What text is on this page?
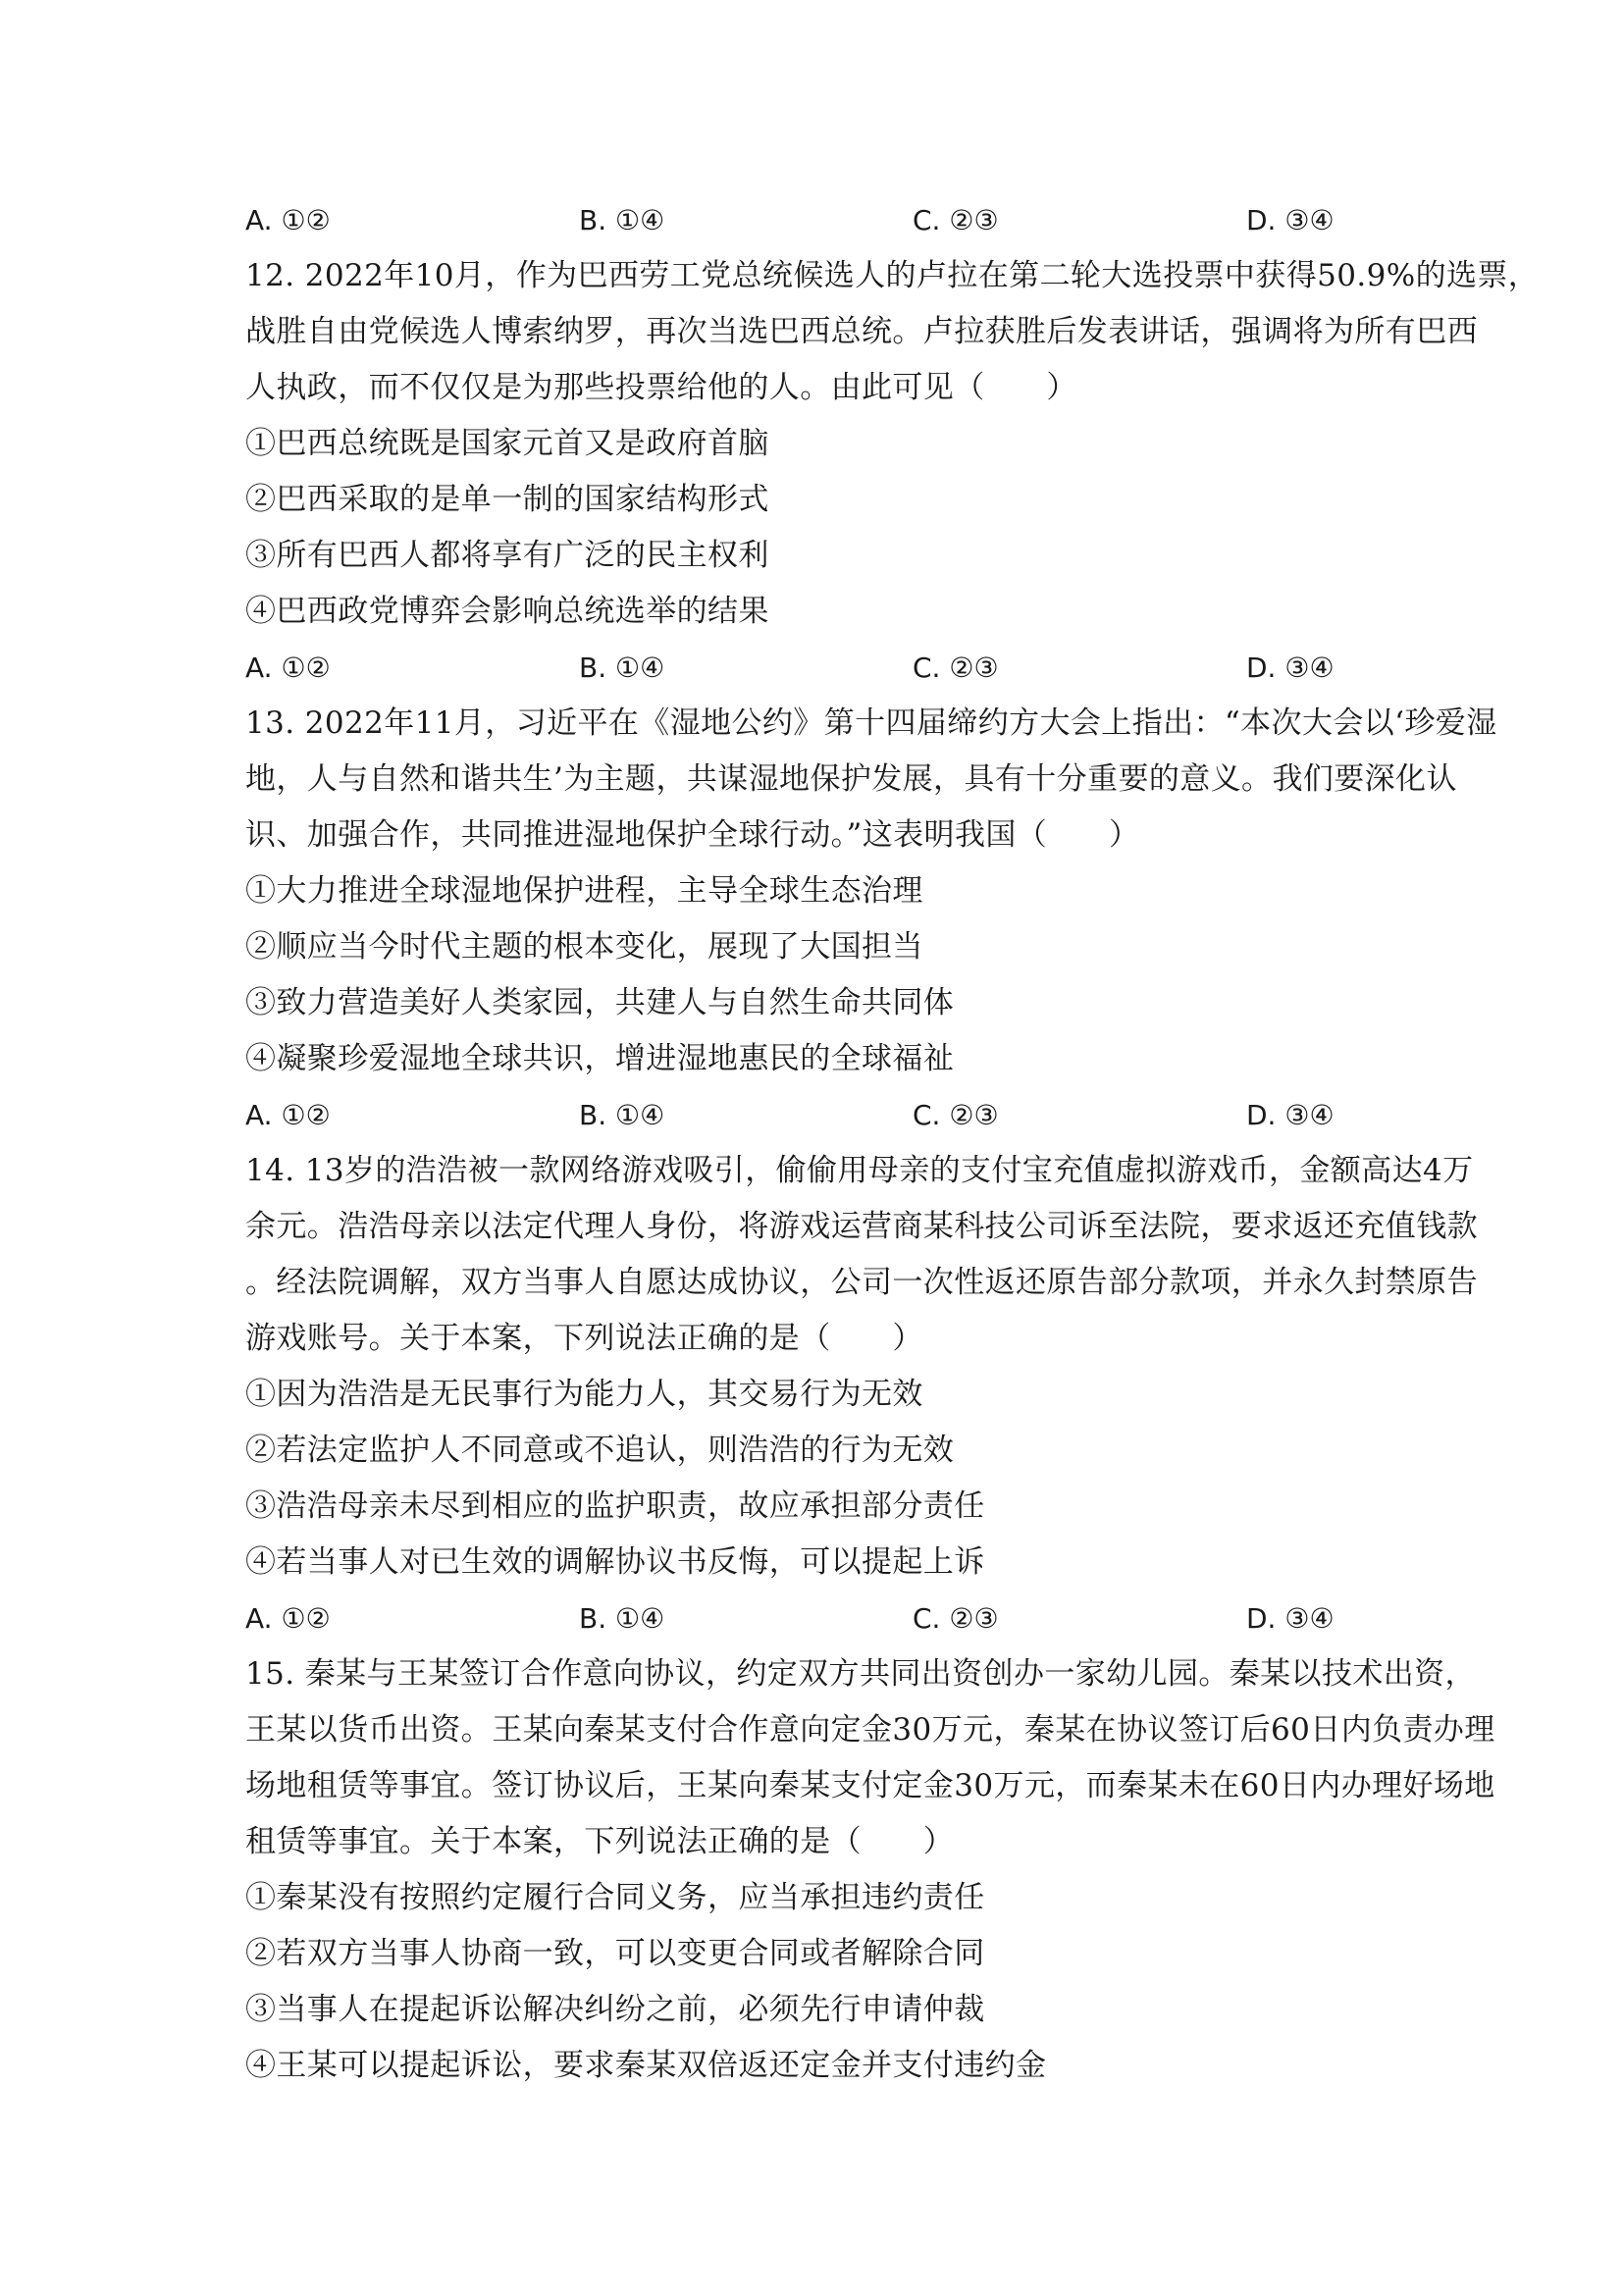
A. ①②	B. ①④	C. ②③	D. ③④
12. 2022年10月，作为巴西劳工党总统候选人的卢拉在第二轮大选投票中获得50.9%的选票，
战胜自由党候选人博索纳罗，再次当选巴西总统。卢拉获胜后发表讲话，强调将为所有巴西
人执政，而不仅仅是为那些投票给他的人。由此可见（　　）
①巴西总统既是国家元首又是政府首脑
②巴西采取的是单一制的国家结构形式
③所有巴西人都将享有广泛的民主权利
④巴西政党博弈会影响总统选举的结果
A. ①②	B. ①④	C. ②③	D. ③④
13. 2022年11月，习近平在《湿地公约》第十四届缔约方大会上指出：“本次大会以‘珍爱湿
地，人与自然和谐共生’为主题，共谋湿地保护发展，具有十分重要的意义。我们要深化认
识、加强合作，共同推进湿地保护全球行动。”这表明我国（　　）
①大力推进全球湿地保护进程，主导全球生态治理
②顺应当今时代主题的根本变化，展现了大国担当
③致力营造美好人类家园，共建人与自然生命共同体
④凝聚珍爱湿地全球共识，增进湿地惠民的全球福祉
A. ①②	B. ①④	C. ②③	D. ③④
14. 13岁的浩浩被一款网络游戏吸引，偷偷用母亲的支付宝充值虚拟游戏币，金额高达4万
余元。浩浩母亲以法定代理人身份，将游戏运营商某科技公司诉至法院，要求返还充值钱款
。经法院调解，双方当事人自愿达成协议，公司一次性返还原告部分款项，并永久封禁原告
游戏账号。关于本案，下列说法正确的是（　　）
①因为浩浩是无民事行为能力人，其交易行为无效
②若法定监护人不同意或不追认，则浩浩的行为无效
③浩浩母亲未尽到相应的监护职责，故应承担部分责任
④若当事人对已生效的调解协议书反悔，可以提起上诉
A. ①②	B. ①④	C. ②③	D. ③④
15. 秦某与王某签订合作意向协议，约定双方共同出资创办一家幼儿园。秦某以技术出资，
王某以货币出资。王某向秦某支付合作意向定金30万元，秦某在协议签订后60日内负责办理
场地租赁等事宜。签订协议后，王某向秦某支付定金30万元，而秦某未在60日内办理好场地
租赁等事宜。关于本案，下列说法正确的是（　　）
①秦某没有按照约定履行合同义务，应当承担违约责任
②若双方当事人协商一致，可以变更合同或者解除合同
③当事人在提起诉讼解决纠纷之前，必须先行申请仲裁
④王某可以提起诉讼，要求秦某双倍返还定金并支付违约金
